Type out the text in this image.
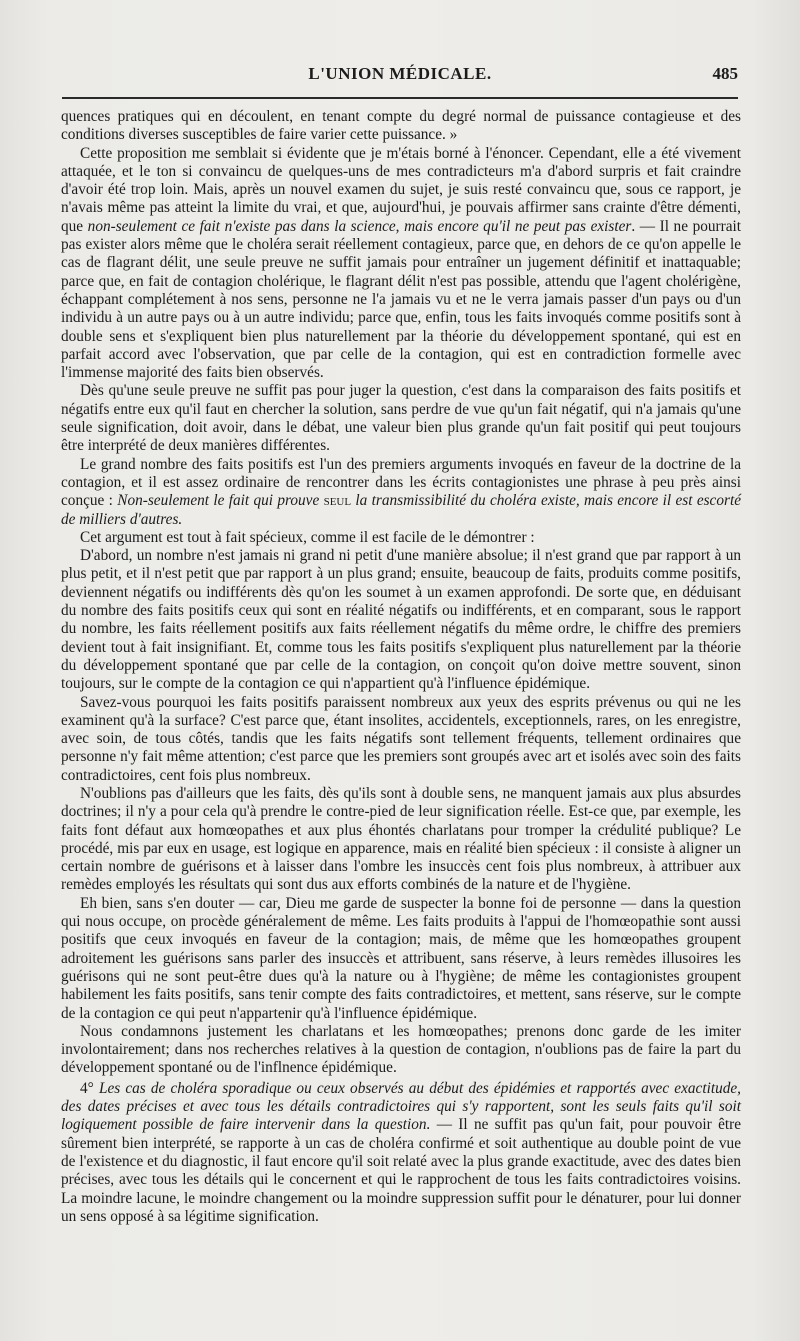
L'UNION MÉDICALE.	485

quences pratiques qui en découlent, en tenant compte du degré normal de puissance contagieuse et des conditions diverses susceptibles de faire varier cette puissance. »

Cette proposition me semblait si évidente que je m'étais borné à l'énoncer. Cependant, elle a été vivement attaquée, et le ton si convaincu de quelques-uns de mes contradicteurs m'a d'abord surpris et fait craindre d'avoir été trop loin. Mais, après un nouvel examen du sujet, je suis resté convaincu que, sous ce rapport, je n'avais même pas atteint la limite du vrai, et que, aujourd'hui, je pouvais affirmer sans crainte d'être démenti, que non-seulement ce fait n'existe pas dans la science, mais encore qu'il ne peut pas exister. — Il ne pourrait pas exister alors même que le choléra serait réellement contagieux, parce que, en dehors de ce qu'on appelle le cas de flagrant délit, une seule preuve ne suffit jamais pour entraîner un jugement définitif et inattaquable; parce que, en fait de contagion cholérique, le flagrant délit n'est pas possible, attendu que l'agent cholérigène, échappant complétement à nos sens, personne ne l'a jamais vu et ne le verra jamais passer d'un pays ou d'un individu à un autre pays ou à un autre individu; parce que, enfin, tous les faits invoqués comme positifs sont à double sens et s'expliquent bien plus naturellement par la théorie du développement spontané, qui est en parfait accord avec l'observation, que par celle de la contagion, qui est en contradiction formelle avec l'immense majorité des faits bien observés.

Dès qu'une seule preuve ne suffit pas pour juger la question, c'est dans la comparaison des faits positifs et négatifs entre eux qu'il faut en chercher la solution, sans perdre de vue qu'un fait négatif, qui n'a jamais qu'une seule signification, doit avoir, dans le débat, une valeur bien plus grande qu'un fait positif qui peut toujours être interprété de deux manières différentes.

Le grand nombre des faits positifs est l'un des premiers arguments invoqués en faveur de la doctrine de la contagion, et il est assez ordinaire de rencontrer dans les écrits contagionistes une phrase à peu près ainsi conçue : Non-seulement le fait qui prouve seul la transmissibilité du choléra existe, mais encore il est escorté de milliers d'autres.

Cet argument est tout à fait spécieux, comme il est facile de le démontrer :

D'abord, un nombre n'est jamais ni grand ni petit d'une manière absolue; il n'est grand que par rapport à un plus petit, et il n'est petit que par rapport à un plus grand; ensuite, beaucoup de faits, produits comme positifs, deviennent négatifs ou indifférents dès qu'on les soumet à un examen approfondi. De sorte que, en déduisant du nombre des faits positifs ceux qui sont en réalité négatifs ou indifférents, et en comparant, sous le rapport du nombre, les faits réellement positifs aux faits réellement négatifs du même ordre, le chiffre des premiers devient tout à fait insignifiant. Et, comme tous les faits positifs s'expliquent plus naturellement par la théorie du développement spontané que par celle de la contagion, on conçoit qu'on doive mettre souvent, sinon toujours, sur le compte de la contagion ce qui n'appartient qu'à l'influence épidémique.

Savez-vous pourquoi les faits positifs paraissent nombreux aux yeux des esprits prévenus ou qui ne les examinent qu'à la surface? C'est parce que, étant insolites, accidentels, exceptionnels, rares, on les enregistre, avec soin, de tous côtés, tandis que les faits négatifs sont tellement fréquents, tellement ordinaires que personne n'y fait même attention; c'est parce que les premiers sont groupés avec art et isolés avec soin des faits contradictoires, cent fois plus nombreux.

N'oublions pas d'ailleurs que les faits, dès qu'ils sont à double sens, ne manquent jamais aux plus absurdes doctrines; il n'y a pour cela qu'à prendre le contre-pied de leur signification réelle. Est-ce que, par exemple, les faits font défaut aux homœopathes et aux plus éhontés charlatans pour tromper la crédulité publique? Le procédé, mis par eux en usage, est logique en apparence, mais en réalité bien spécieux : il consiste à aligner un certain nombre de guérisons et à laisser dans l'ombre les insuccès cent fois plus nombreux, à attribuer aux remèdes employés les résultats qui sont dus aux efforts combinés de la nature et de l'hygiène.

Eh bien, sans s'en douter — car, Dieu me garde de suspecter la bonne foi de personne — dans la question qui nous occupe, on procède généralement de même. Les faits produits à l'appui de l'homœopathie sont aussi positifs que ceux invoqués en faveur de la contagion; mais, de même que les homœopathes groupent adroitement les guérisons sans parler des insuccès et attribuent, sans réserve, à leurs remèdes illusoires les guérisons qui ne sont peut-être dues qu'à la nature ou à l'hygiène; de même les contagionistes groupent habilement les faits positifs, sans tenir compte des faits contradictoires, et mettent, sans réserve, sur le compte de la contagion ce qui peut n'appartenir qu'à l'influence épidémique.

Nous condamnons justement les charlatans et les homœopathes; prenons donc garde de les imiter involontairement; dans nos recherches relatives à la question de contagion, n'oublions pas de faire la part du développement spontané ou de l'inflnence épidémique.

4° Les cas de choléra sporadique ou ceux observés au début des épidémies et rapportés avec exactitude, des dates précises et avec tous les détails contradictoires qui s'y rapportent, sont les seuls faits qu'il soit logiquement possible de faire intervenir dans la question. — Il ne suffit pas qu'un fait, pour pouvoir être sûrement bien interprété, se rapporte à un cas de choléra confirmé et soit authentique au double point de vue de l'existence et du diagnostic, il faut encore qu'il soit relaté avec la plus grande exactitude, avec des dates bien précises, avec tous les détails qui le concernent et qui le rapprochent de tous les faits contradictoires voisins. La moindre lacune, le moindre changement ou la moindre suppression suffit pour le dénaturer, pour lui donner un sens opposé à sa légitime signification.
